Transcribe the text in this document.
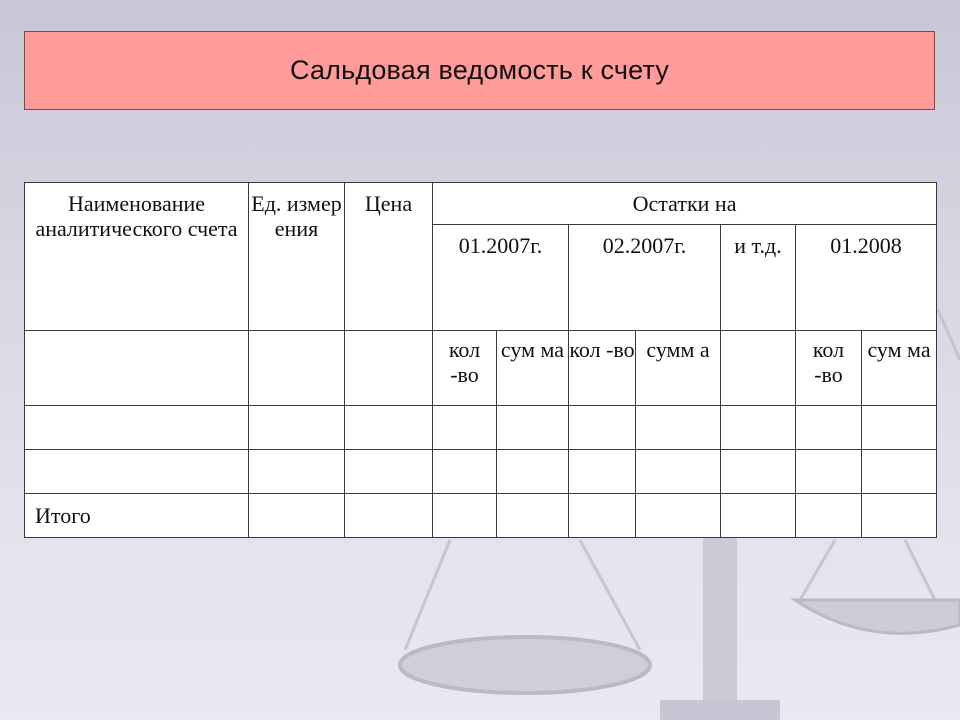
Сальдовая ведомость к счету
Наименование аналитического счета	Ед. измер ения	Цена	Остатки на						

			01.2007г.		02.2007г.		и т.д.	01.2008	

			кол -во	сум ма	кол -во	сумм а		кол -во	сум ма

Итого									
